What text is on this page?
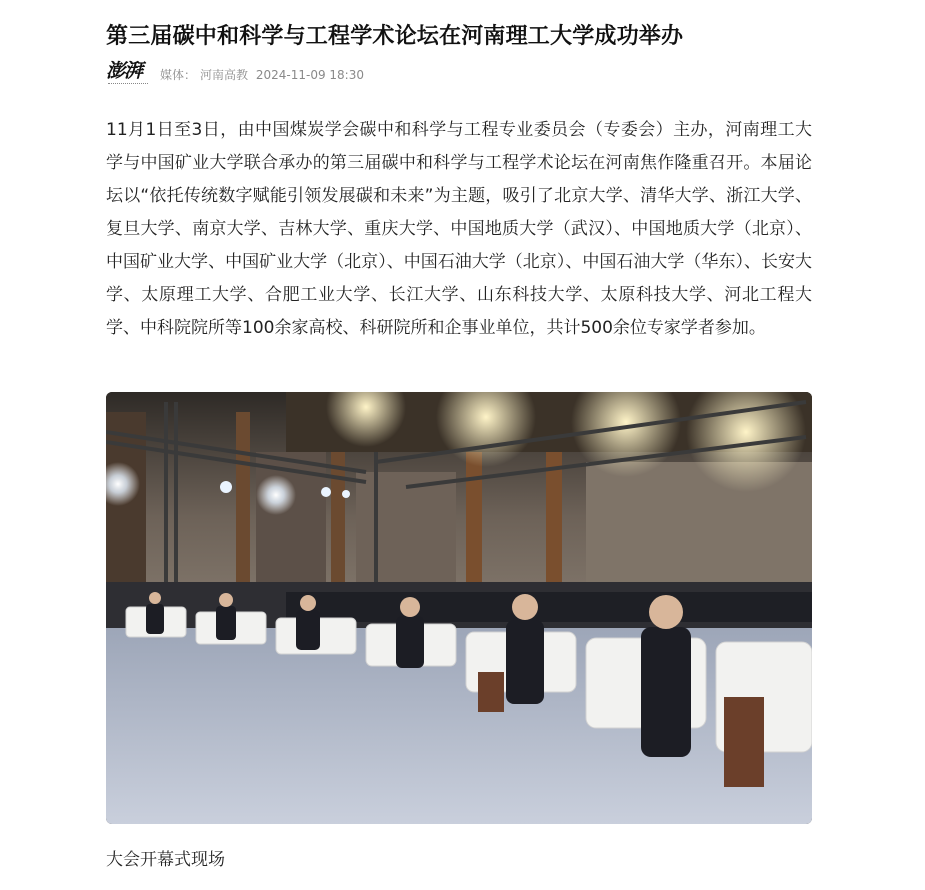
第三届碳中和科学与工程学术论坛在河南理工大学成功举办
澎湃	媒体： 河南高教 2024-11-09 18:30

11月1日至3日，由中国煤炭学会碳中和科学与工程专业委员会（专委会）主办，河南理工大学与中国矿业大学联合承办的第三届碳中和科学与工程学术论坛在河南焦作隆重召开。本届论坛以“依托传统数字赋能引领发展碳和未来”为主题，吸引了北京大学、清华大学、浙江大学、复旦大学、南京大学、吉林大学、重庆大学、中国地质大学（武汉）、中国地质大学（北京）、中国矿业大学、中国矿业大学（北京）、中国石油大学（北京）、中国石油大学（华东）、长安大学、太原理工大学、合肥工业大学、长江大学、山东科技大学、太原科技大学、河北工程大学、中科院院所等100余家高校、科研院所和企事业单位，共计500余位专家学者参加。

大会开幕式现场
